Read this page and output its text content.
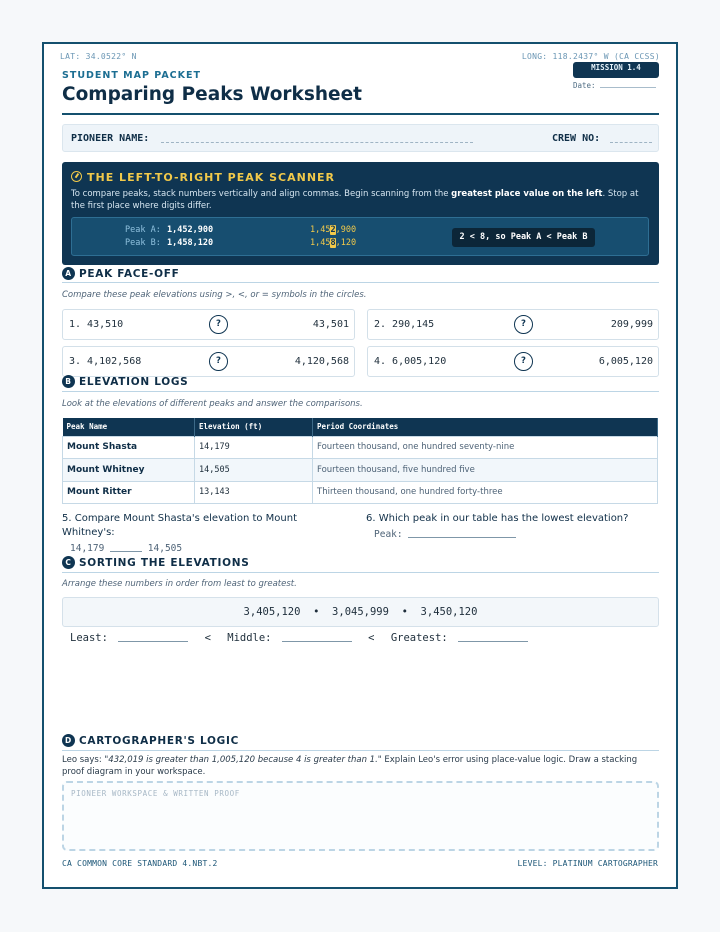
LAT: 34.0522° N	LONG: 118.2437° W (CA CCSS)
STUDENT MAP PACKET
Comparing Peaks Worksheet
MISSION 1.4
Date:
PIONEER NAME:	CREW NO:
THE LEFT-TO-RIGHT PEAK SCANNER
To compare peaks, stack numbers vertically and align commas. Begin scanning from the greatest place value on the left. Stop at the first place where digits differ.
Peak A: 1,452,900
Peak B: 1,458,120
1,452,900
1,458,120
2 < 8, so Peak A < Peak B
A PEAK FACE-OFF
Compare these peak elevations using >, <, or = symbols in the circles.
1. 43,510	?	43,501	2. 290,145	?	209,999
3. 4,102,568	?	4,120,568	4. 6,005,120	?	6,005,120
B ELEVATION LOGS
Look at the elevations of different peaks and answer the comparisons.
Peak Name	Elevation (ft)	Period Coordinates
Mount Shasta	14,179	Fourteen thousand, one hundred seventy-nine
Mount Whitney	14,505	Fourteen thousand, five hundred five
Mount Ritter	13,143	Thirteen thousand, one hundred forty-three
5. Compare Mount Shasta's elevation to Mount Whitney's:
14,179	14,505
6. Which peak in our table has the lowest elevation?
Peak:
C SORTING THE ELEVATIONS
Arrange these numbers in order from least to greatest.
3,405,120  •  3,045,999  •  3,450,120
Least:	< Middle:	< Greatest:
D CARTOGRAPHER'S LOGIC
Leo says: "432,019 is greater than 1,005,120 because 4 is greater than 1." Explain Leo's error using place-value logic. Draw a stacking proof diagram in your workspace.
PIONEER WORKSPACE & WRITTEN PROOF
CA COMMON CORE STANDARD 4.NBT.2	LEVEL: PLATINUM CARTOGRAPHER
